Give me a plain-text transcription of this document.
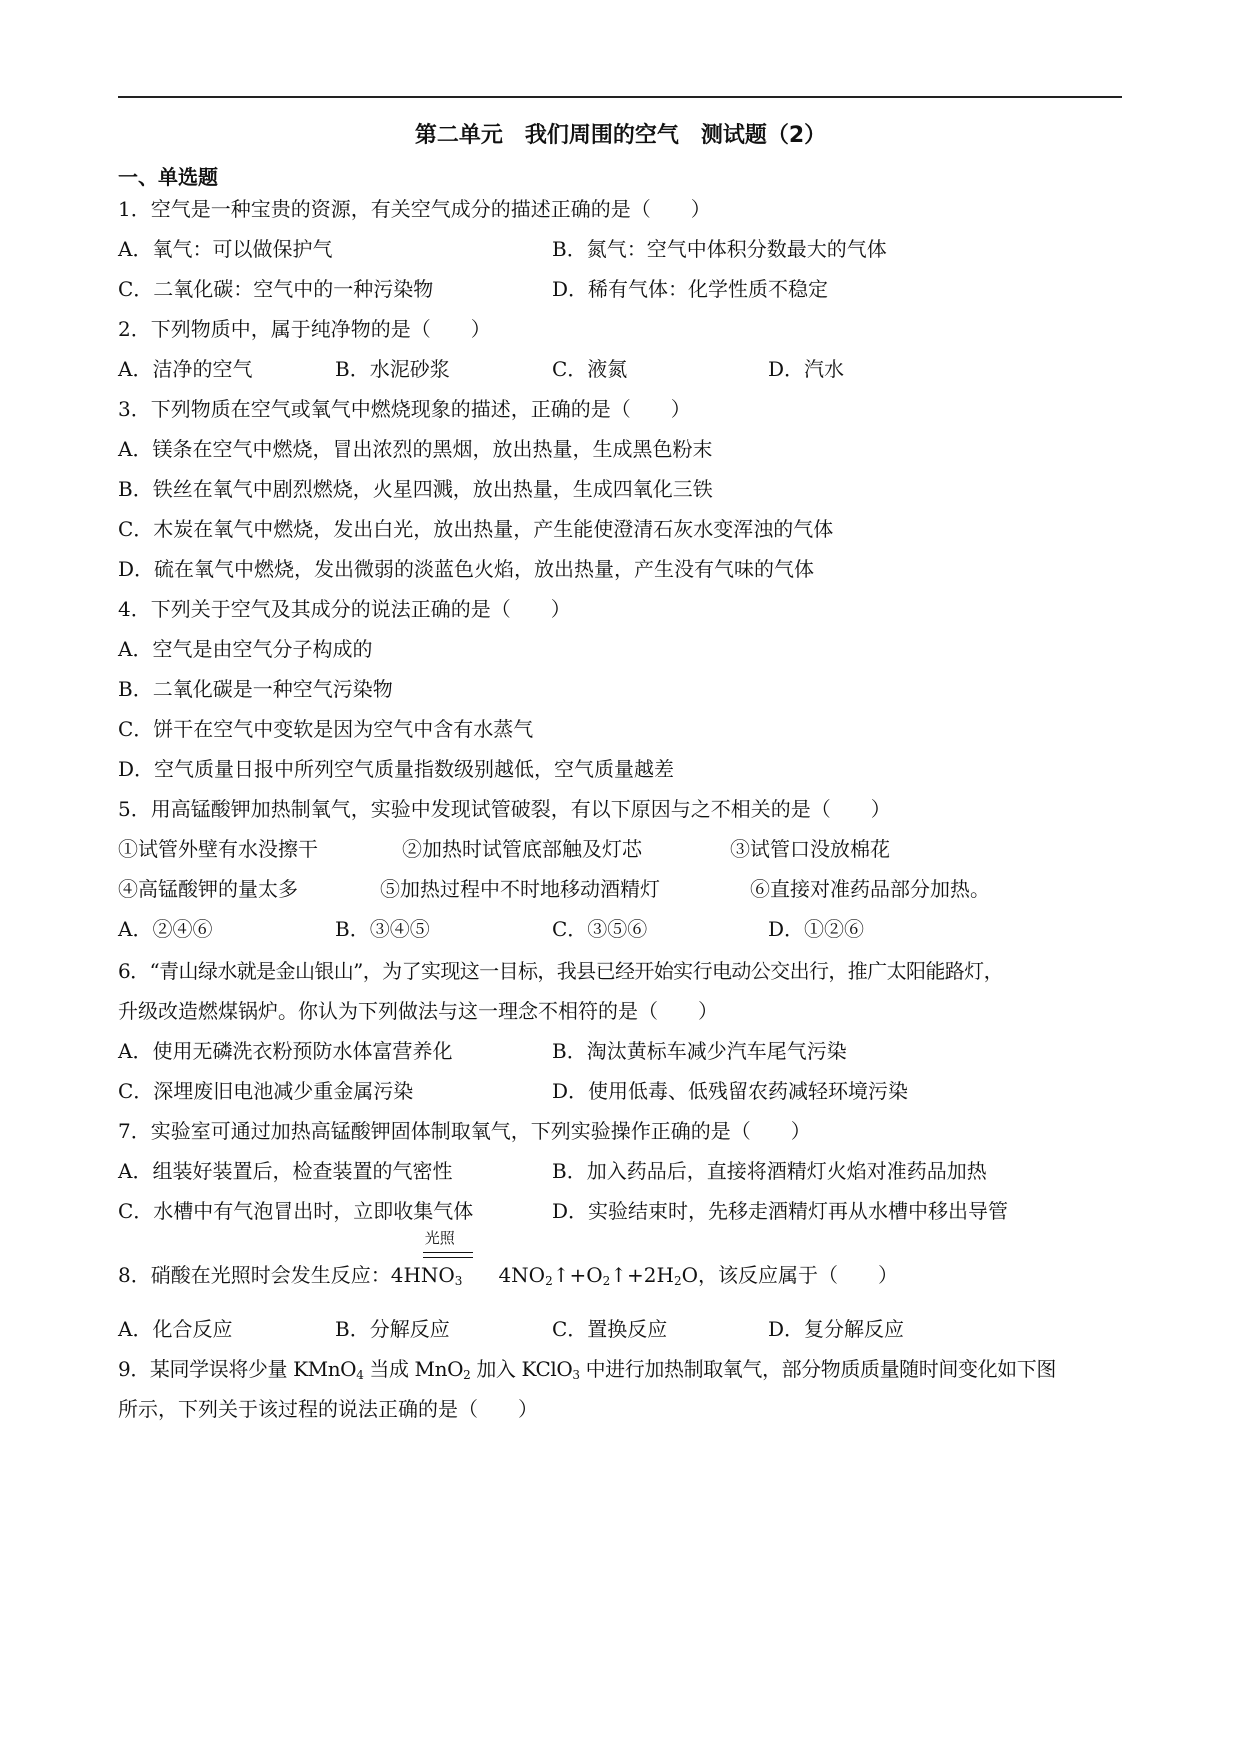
第二单元　我们周围的空气　测试题（2）
一、单选题
1．空气是一种宝贵的资源，有关空气成分的描述正确的是（　　）
A．氧气：可以做保护气	B．氮气：空气中体积分数最大的气体
C．二氧化碳：空气中的一种污染物	D．稀有气体：化学性质不稳定
2．下列物质中，属于纯净物的是（　　）
A．洁净的空气	B．水泥砂浆	C．液氮	D．汽水
3．下列物质在空气或氧气中燃烧现象的描述，正确的是（　　）
A．镁条在空气中燃烧，冒出浓烈的黑烟，放出热量，生成黑色粉末
B．铁丝在氧气中剧烈燃烧，火星四溅，放出热量，生成四氧化三铁
C．木炭在氧气中燃烧，发出白光，放出热量，产生能使澄清石灰水变浑浊的气体
D．硫在氧气中燃烧，发出微弱的淡蓝色火焰，放出热量，产生没有气味的气体
4．下列关于空气及其成分的说法正确的是（　　）
A．空气是由空气分子构成的
B．二氧化碳是一种空气污染物
C．饼干在空气中变软是因为空气中含有水蒸气
D．空气质量日报中所列空气质量指数级别越低，空气质量越差
5．用高锰酸钾加热制氧气，实验中发现试管破裂，有以下原因与之不相关的是（　　）
①试管外壁有水没擦干	②加热时试管底部触及灯芯	③试管口没放棉花
④高锰酸钾的量太多	⑤加热过程中不时地移动酒精灯	⑥直接对准药品部分加热。
A．②④⑥	B．③④⑤	C．③⑤⑥	D．①②⑥
6．“青山绿水就是金山银山”，为了实现这一目标，我县已经开始实行电动公交出行，推广太阳能路灯，
升级改造燃煤锅炉。你认为下列做法与这一理念不相符的是（　　）
A．使用无磷洗衣粉预防水体富营养化	B．淘汰黄标车减少汽车尾气污染
C．深埋废旧电池减少重金属污染	D．使用低毒、低残留农药减轻环境污染
7．实验室可通过加热高锰酸钾固体制取氧气，下列实验操作正确的是（　　）
A．组装好装置后，检查装置的气密性	B．加入药品后，直接将酒精灯火焰对准药品加热
C．水槽中有气泡冒出时，立即收集气体	D．实验结束时，先移走酒精灯再从水槽中移出导管
8．硝酸在光照时会发生反应：
光照
$4HNO_3$ $4NO_2↑+O_2↑+2H_2O$，该反应属于（　　）
A．化合反应	B．分解反应	C．置换反应	D．复分解反应
9．某同学误将少量 KMnO$_4$ 当成 MnO$_2$ 加入 KClO$_3$ 中进行加热制取氧气，部分物质质量随时间变化如下图
所示，下列关于该过程的说法正确的是（　　）
